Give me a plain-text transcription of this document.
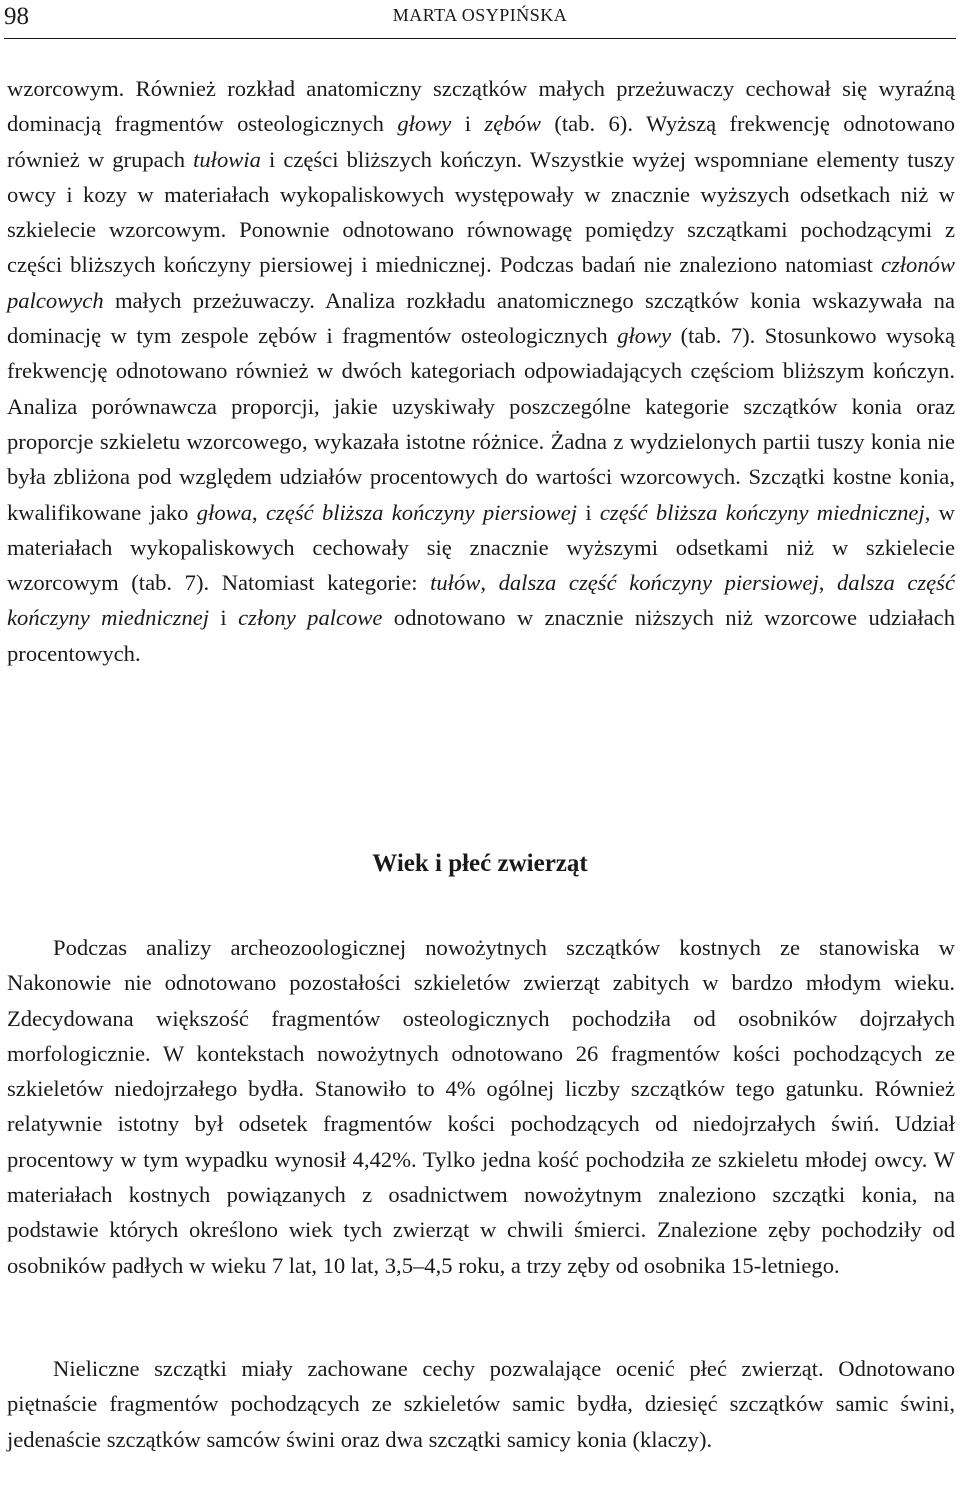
98	MARTA OSYPIŃSKA

wzorcowym. Również rozkład anatomiczny szczątków małych przeżuwaczy cechował się wyraźną dominacją fragmentów osteologicznych głowy i zębów (tab. 6). Wyższą frekwencję odnotowano również w grupach tułowia i części bliższych kończyn. Wszystkie wyżej wspomniane elementy tuszy owcy i kozy w materiałach wykopaliskowych występowały w znacznie wyższych odsetkach niż w szkielecie wzorcowym. Ponownie odnotowano równowagę pomiędzy szczątkami pochodzącymi z części bliższych kończyny piersiowej i miednicznej. Podczas badań nie znaleziono natomiast członów palcowych małych przeżuwaczy. Analiza rozkładu anatomicznego szczątków konia wskazywała na dominację w tym zespole zębów i fragmentów osteologicznych głowy (tab. 7). Stosunkowo wysoką frekwencję odnotowano również w dwóch kategoriach odpowiadających częściom bliższym kończyn. Analiza porównawcza proporcji, jakie uzyskiwały poszczególne kategorie szczątków konia oraz proporcje szkieletu wzorcowego, wykazała istotne różnice. Żadna z wydzielonych partii tuszy konia nie była zbliżona pod względem udziałów procentowych do wartości wzorcowych. Szczątki kostne konia, kwalifikowane jako głowa, część bliższa kończyny piersiowej i część bliższa kończyny miednicznej, w materiałach wykopaliskowych cechowały się znacznie wyższymi odsetkami niż w szkielecie wzorcowym (tab. 7). Natomiast kategorie: tułów, dalsza część kończyny piersiowej, dalsza część kończyny miednicznej i człony palcowe odnotowano w znacznie niższych niż wzorcowe udziałach procentowych.

Wiek i płeć zwierząt

Podczas analizy archeozoologicznej nowożytnych szczątków kostnych ze stanowiska w Nakonowie nie odnotowano pozostałości szkieletów zwierząt zabitych w bardzo młodym wieku. Zdecydowana większość fragmentów osteologicznych pochodziła od osobników dojrzałych morfologicznie. W kontekstach nowożytnych odnotowano 26 fragmentów kości pochodzących ze szkieletów niedojrzałego bydła. Stanowiło to 4% ogólnej liczby szczątków tego gatunku. Również relatywnie istotny był odsetek fragmentów kości pochodzących od niedojrzałych świń. Udział procentowy w tym wypadku wynosił 4,42%. Tylko jedna kość pochodziła ze szkieletu młodej owcy. W materiałach kostnych powiązanych z osadnictwem nowożytnym znaleziono szczątki konia, na podstawie których określono wiek tych zwierząt w chwili śmierci. Znalezione zęby pochodziły od osobników padłych w wieku 7 lat, 10 lat, 3,5–4,5 roku, a trzy zęby od osobnika 15-letniego.

Nieliczne szczątki miały zachowane cechy pozwalające ocenić płeć zwierząt. Odnotowano piętnaście fragmentów pochodzących ze szkieletów samic bydła, dziesięć szczątków samic świni, jedenaście szczątków samców świni oraz dwa szczątki samicy konia (klaczy).
